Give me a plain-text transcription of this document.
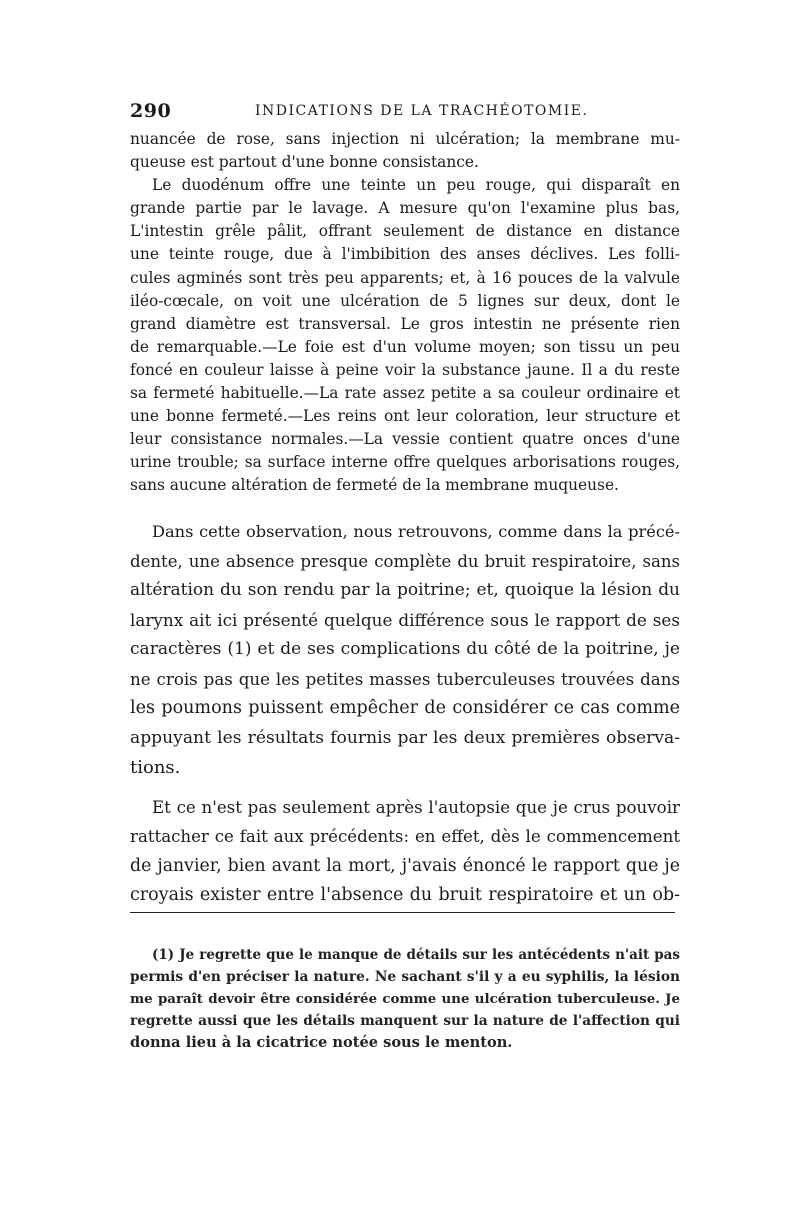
290	INDICATIONS DE LA TRACHÉOTOMIE.
nuancée de rose, sans injection ni ulcération; la membrane mu-
queuse est partout d'une bonne consistance.
Le duodénum offre une teinte un peu rouge, qui disparaît en
grande partie par le lavage. A mesure qu'on l'examine plus bas,
L'intestin grêle pâlit, offrant seulement de distance en distance
une teinte rouge, due à l'imbibition des anses déclives. Les folli-
cules agminés sont très peu apparents; et, à 16 pouces de la valvule
iléo-cœcale, on voit une ulcération de 5 lignes sur deux, dont le
grand diamètre est transversal. Le gros intestin ne présente rien
de remarquable.—Le foie est d'un volume moyen; son tissu un peu
foncé en couleur laisse à peine voir la substance jaune. Il a du reste
sa fermeté habituelle.—La rate assez petite a sa couleur ordinaire et
une bonne fermeté.—Les reins ont leur coloration, leur structure et
leur consistance normales.—La vessie contient quatre onces d'une
urine trouble; sa surface interne offre quelques arborisations rouges,
sans aucune altération de fermeté de la membrane muqueuse.
Dans cette observation, nous retrouvons, comme dans la précé-
dente, une absence presque complète du bruit respiratoire, sans
altération du son rendu par la poitrine; et, quoique la lésion du
larynx ait ici présenté quelque différence sous le rapport de ses
caractères (1) et de ses complications du côté de la poitrine, je
ne crois pas que les petites masses tuberculeuses trouvées dans
les poumons puissent empêcher de considérer ce cas comme
appuyant les résultats fournis par les deux premières observa-
tions.
Et ce n'est pas seulement après l'autopsie que je crus pouvoir
rattacher ce fait aux précédents: en effet, dès le commencement
de janvier, bien avant la mort, j'avais énoncé le rapport que je
croyais exister entre l'absence du bruit respiratoire et un ob-
(1) Je regrette que le manque de détails sur les antécédents n'ait pas
permis d'en préciser la nature. Ne sachant s'il y a eu syphilis, la lésion
me paraît devoir être considérée comme une ulcération tuberculeuse. Je
regrette aussi que les détails manquent sur la nature de l'affection qui
donna lieu à la cicatrice notée sous le menton.
